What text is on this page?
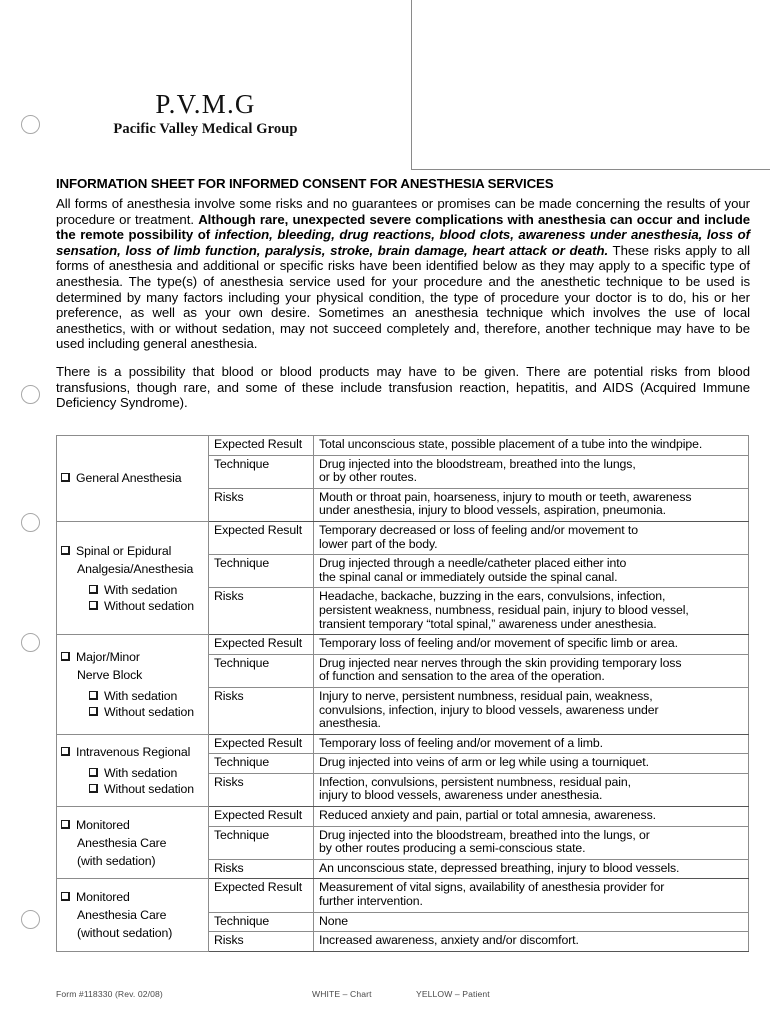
P.V.M.G
Pacific Valley Medical Group
INFORMATION SHEET FOR INFORMED CONSENT FOR ANESTHESIA SERVICES

All forms of anesthesia involve some risks and no guarantees or promises can be made concerning the results of your procedure or treatment. Although rare, unexpected severe complications with anesthesia can occur and include the remote possibility of infection, bleeding, drug reactions, blood clots, awareness under anesthesia, loss of sensation, loss of limb function, paralysis, stroke, brain damage, heart attack or death. These risks apply to all forms of anesthesia and additional or specific risks have been identified below as they may apply to a specific type of anesthesia. The type(s) of anesthesia service used for your procedure and the anesthetic technique to be used is determined by many factors including your physical condition, the type of procedure your doctor is to do, his or her preference, as well as your own desire. Sometimes an anesthesia technique which involves the use of local anesthetics, with or without sedation, may not succeed completely and, therefore, another technique may have to be used including general anesthesia.

There is a possibility that blood or blood products may have to be given. There are potential risks from blood transfusions, though rare, and some of these include transfusion reaction, hepatitis, and AIDS (Acquired Immune Deficiency Syndrome).

General Anesthesia	Expected Result	Total unconscious state, possible placement of a tube into the windpipe.
	Technique	Drug injected into the bloodstream, breathed into the lungs,
or by other routes.
	Risks	Mouth or throat pain, hoarseness, injury to mouth or teeth, awareness
under anesthesia, injury to blood vessels, aspiration, pneumonia.

Spinal or Epidural
Analgesia/Anesthesia
With sedation
Without sedation	Expected Result	Temporary decreased or loss of feeling and/or movement to
lower part of the body.
	Technique	Drug injected through a needle/catheter placed either into
the spinal canal or immediately outside the spinal canal.
	Risks	Headache, backache, buzzing in the ears, convulsions, infection,
persistent weakness, numbness, residual pain, injury to blood vessel,
transient temporary “total spinal,” awareness under anesthesia.

Major/Minor
Nerve Block
With sedation
Without sedation	Expected Result	Temporary loss of feeling and/or movement of specific limb or area.
	Technique	Drug injected near nerves through the skin providing temporary loss
of function and sensation to the area of the operation.
	Risks	Injury to nerve, persistent numbness, residual pain, weakness,
convulsions, infection, injury to blood vessels, awareness under
anesthesia.

Intravenous Regional
With sedation
Without sedation	Expected Result	Temporary loss of feeling and/or movement of a limb.
	Technique	Drug injected into veins of arm or leg while using a tourniquet.
	Risks	Infection, convulsions, persistent numbness, residual pain,
injury to blood vessels, awareness under anesthesia.

Monitored
Anesthesia Care
(with sedation)	Expected Result	Reduced anxiety and pain, partial or total amnesia, awareness.
	Technique	Drug injected into the bloodstream, breathed into the lungs, or
by other routes producing a semi-conscious state.
	Risks	An unconscious state, depressed breathing, injury to blood vessels.

Monitored
Anesthesia Care
(without sedation)	Expected Result	Measurement of vital signs, availability of anesthesia provider for
further intervention.
	Technique	None
	Risks	Increased awareness, anxiety and/or discomfort.
Form #118330 (Rev. 02/08)	WHITE – Chart	YELLOW – Patient
